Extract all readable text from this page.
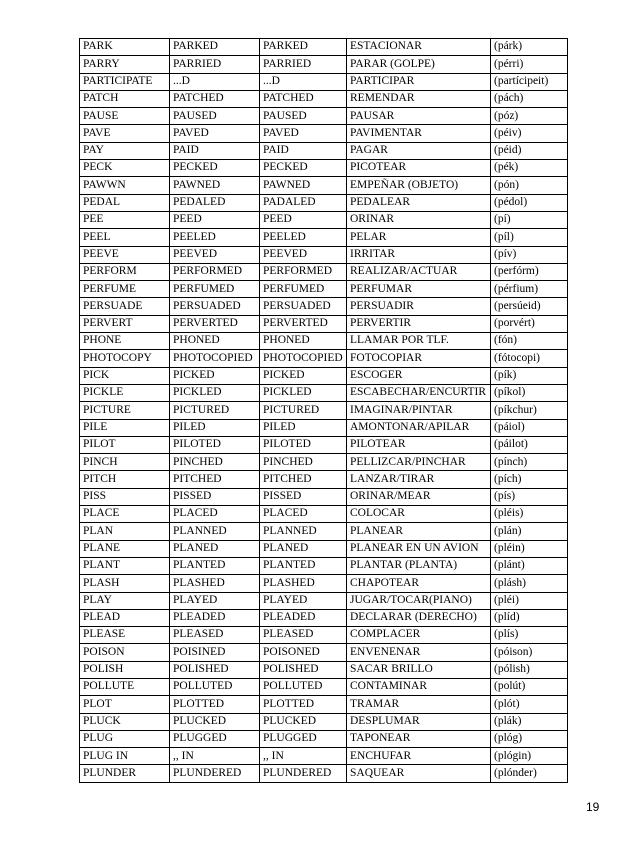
PARK	PARKED	PARKED	ESTACIONAR	(párk)
PARRY	PARRIED	PARRIED	PARAR (GOLPE)	(pérri)
PARTICIPATE	...D	...D	PARTICIPAR	(partícipeit)
PATCH	PATCHED	PATCHED	REMENDAR	(pách)
PAUSE	PAUSED	PAUSED	PAUSAR	(póz)
PAVE	PAVED	PAVED	PAVIMENTAR	(péiv)
PAY	PAID	PAID	PAGAR	(péid)
PECK	PECKED	PECKED	PICOTEAR	(pék)
PAWWN	PAWNED	PAWNED	EMPEÑAR (OBJETO)	(pón)
PEDAL	PEDALED	PADALED	PEDALEAR	(pédol)
PEE	PEED	PEED	ORINAR	(pí)
PEEL	PEELED	PEELED	PELAR	(píl)
PEEVE	PEEVED	PEEVED	IRRITAR	(pív)
PERFORM	PERFORMED	PERFORMED	REALIZAR/ACTUAR	(perfórm)
PERFUME	PERFUMED	PERFUMED	PERFUMAR	(pérfium)
PERSUADE	PERSUADED	PERSUADED	PERSUADIR	(persúeid)
PERVERT	PERVERTED	PERVERTED	PERVERTIR	(porvért)
PHONE	PHONED	PHONED	LLAMAR POR TLF.	(fón)
PHOTOCOPY	PHOTOCOPIED	PHOTOCOPIED	FOTOCOPIAR	(fótocopi)
PICK	PICKED	PICKED	ESCOGER	(pík)
PICKLE	PICKLED	PICKLED	ESCABECHAR/ENCURTIR	(píkol)
PICTURE	PICTURED	PICTURED	IMAGINAR/PINTAR	(píkchur)
PILE	PILED	PILED	AMONTONAR/APILAR	(páiol)
PILOT	PILOTED	PILOTED	PILOTEAR	(páilot)
PINCH	PINCHED	PINCHED	PELLIZCAR/PINCHAR	(pínch)
PITCH	PITCHED	PITCHED	LANZAR/TIRAR	(pích)
PISS	PISSED	PISSED	ORINAR/MEAR	(pís)
PLACE	PLACED	PLACED	COLOCAR	(pléis)
PLAN	PLANNED	PLANNED	PLANEAR	(plán)
PLANE	PLANED	PLANED	PLANEAR EN UN AVION	(pléin)
PLANT	PLANTED	PLANTED	PLANTAR (PLANTA)	(plánt)
PLASH	PLASHED	PLASHED	CHAPOTEAR	(plásh)
PLAY	PLAYED	PLAYED	JUGAR/TOCAR(PIANO)	(pléi)
PLEAD	PLEADED	PLEADED	DECLARAR (DERECHO)	(plíd)
PLEASE	PLEASED	PLEASED	COMPLACER	(plís)
POISON	POISINED	POISONED	ENVENENAR	(póison)
POLISH	POLISHED	POLISHED	SACAR BRILLO	(pólish)
POLLUTE	POLLUTED	POLLUTED	CONTAMINAR	(polút)
PLOT	PLOTTED	PLOTTED	TRAMAR	(plót)
PLUCK	PLUCKED	PLUCKED	DESPLUMAR	(plák)
PLUG	PLUGGED	PLUGGED	TAPONEAR	(plóg)
PLUG IN	,, IN	,, IN	ENCHUFAR	(plógin)
PLUNDER	PLUNDERED	PLUNDERED	SAQUEAR	(plónder)
19
